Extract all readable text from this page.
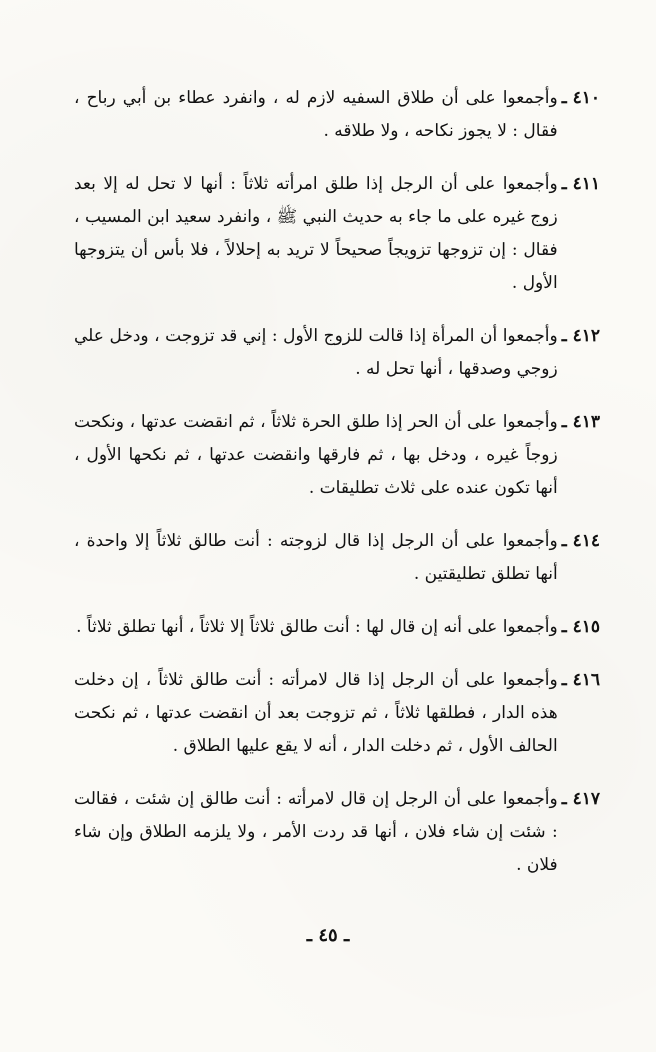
٤١٠ ـ
وأجمعوا على أن طلاق السفيه لازم له ، وانفرد عطاء بن أبي رباح ، فقال : لا يجوز نكاحه ، ولا طلاقه .
٤١١ ـ
وأجمعوا على أن الرجل إذا طلق امرأته ثلاثاً : أنها لا تحل له إلا بعد زوج غيره على ما جاء به حديث النبي ﷺ ، وانفرد سعيد ابن المسيب ، فقال : إن تزوجها تزويجاً صحيحاً لا تريد به إحلالاً ، فلا بأس أن يتزوجها الأول .
٤١٢ ـ
وأجمعوا أن المرأة إذا قالت للزوج الأول : إني قد تزوجت ، ودخل علي زوجي وصدقها ، أنها تحل له .
٤١٣ ـ
وأجمعوا على أن الحر إذا طلق الحرة ثلاثاً ، ثم انقضت عدتها ، ونكحت زوجاً غيره ، ودخل بها ، ثم فارقها وانقضت عدتها ، ثم نكحها الأول ، أنها تكون عنده على ثلاث تطليقات .
٤١٤ ـ
وأجمعوا على أن الرجل إذا قال لزوجته : أنت طالق ثلاثاً إلا واحدة ، أنها تطلق تطليقتين .
٤١٥ ـ
وأجمعوا على أنه إن قال لها : أنت طالق ثلاثاً إلا ثلاثاً ، أنها تطلق ثلاثاً .
٤١٦ ـ
وأجمعوا على أن الرجل إذا قال لامرأته : أنت طالق ثلاثاً ، إن دخلت هذه الدار ، فطلقها ثلاثاً ، ثم تزوجت بعد أن انقضت عدتها ، ثم نكحت الحالف الأول ، ثم دخلت الدار ، أنه لا يقع عليها الطلاق .
٤١٧ ـ
وأجمعوا على أن الرجل إن قال لامرأته : أنت طالق إن شئت ، فقالت : شئت إن شاء فلان ، أنها قد ردت الأمر ، ولا يلزمه الطلاق وإن شاء فلان .
ـ ٤٥ ـ
